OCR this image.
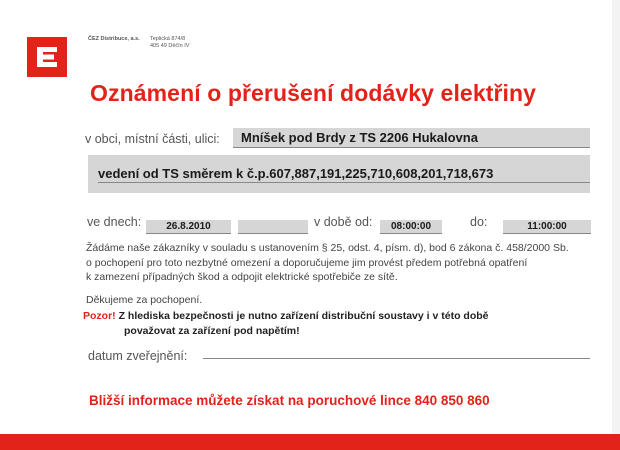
ČEZ Distribuce, a.s. Teplická 874/8
405 49 Děčín IV
Oznámení o přerušení dodávky elektřiny
v obci, místní části, ulici:	Mníšek pod Brdy z TS 2206 Hukalovna
vedení od TS směrem k č.p.607,887,191,225,710,608,201,718,673
ve dnech:	26.8.2010	v době od:	08:00:00	do:	11:00:00
Žádáme naše zákazníky v souladu s ustanovením § 25, odst. 4, písm. d), bod 6 zákona č. 458/2000 Sb.
o pochopení pro toto nezbytné omezení a doporučujeme jim provést předem potřebná opatření
k zamezení případných škod a odpojit elektrické spotřebiče ze sítě.
Děkujeme za pochopení.
Pozor! Z hlediska bezpečnosti je nutno zařízení distribuční soustavy i v této době
považovat za zařízení pod napětím!
datum zveřejnění:
Bližší informace můžete získat na poruchové lince 840 850 860
